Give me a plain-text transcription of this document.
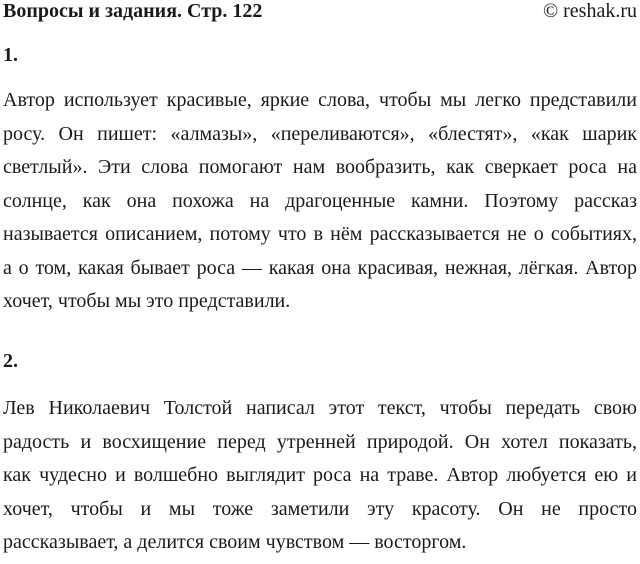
Вопросы и задания. Стр. 122	© reshak.ru
1.
Автор использует красивые, яркие слова, чтобы мы легко представили
росу. Он пишет: «алмазы», «переливаются», «блестят», «как шарик
светлый». Эти слова помогают нам вообразить, как сверкает роса на
солнце, как она похожа на драгоценные камни. Поэтому рассказ
называется описанием, потому что в нём рассказывается не о событиях,
а о том, какая бывает роса — какая она красивая, нежная, лёгкая. Автор
хочет, чтобы мы это представили.
2.
Лев Николаевич Толстой написал этот текст, чтобы передать свою
радость и восхищение перед утренней природой. Он хотел показать,
как чудесно и волшебно выглядит роса на траве. Автор любуется ею и
хочет, чтобы и мы тоже заметили эту красоту. Он не просто
рассказывает, а делится своим чувством — восторгом.
